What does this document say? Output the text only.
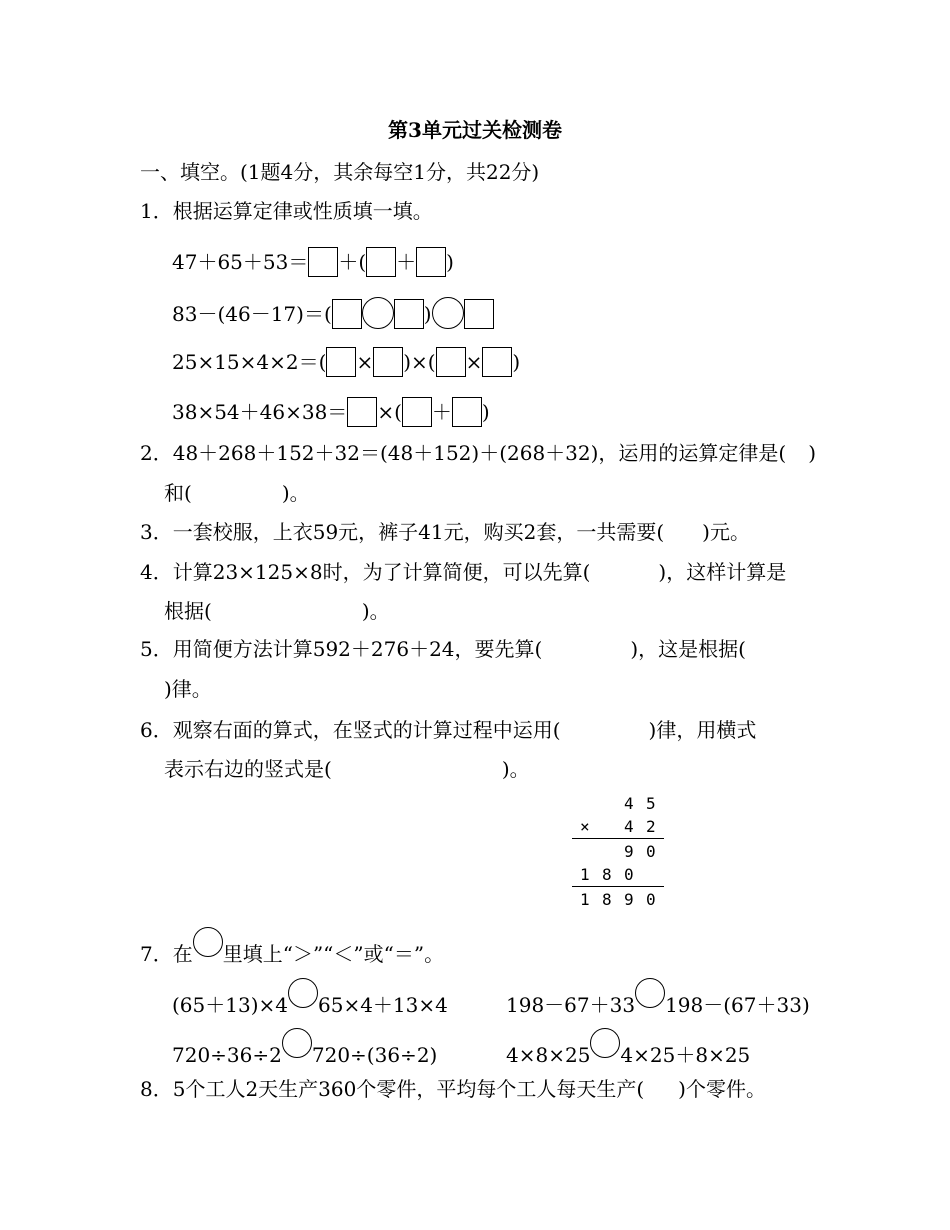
第3单元过关检测卷
一、填空。(1题4分，其余每空1分，共22分)
1．根据运算定律或性质填一填。
47＋65＋53＝ ＋( ＋ )
83－(46－17)＝(	)
25×15×4×2＝( × )×( × )
38×54＋46×38＝ ×( ＋ )
2．48＋268＋152＋32＝(48＋152)＋(268＋32)，运用的运算定律是( )
和(	)。
3．一套校服，上衣59元，裤子41元，购买2套，一共需要( )元。
4．计算23×125×8时，为了计算简便，可以先算(	)，这样计算是
根据(	)。
5．用简便方法计算592＋276＋24，要先算(	)，这是根据(
)律。
6．观察右面的算式，在竖式的计算过程中运用(	)律，用横式
表示右边的竖式是(	)。
4 5
× 4 2
9 0
1 8 0
1 8 9 0
7．在 里填上“＞”“＜”或“＝”。
(65＋13)×4 65×4＋13×4	198－67＋33 198－(67＋33)
720÷36÷2 720÷(36÷2)	4×8×25 4×25＋8×25
8．5个工人2天生产360个零件，平均每个工人每天生产( )个零件。
